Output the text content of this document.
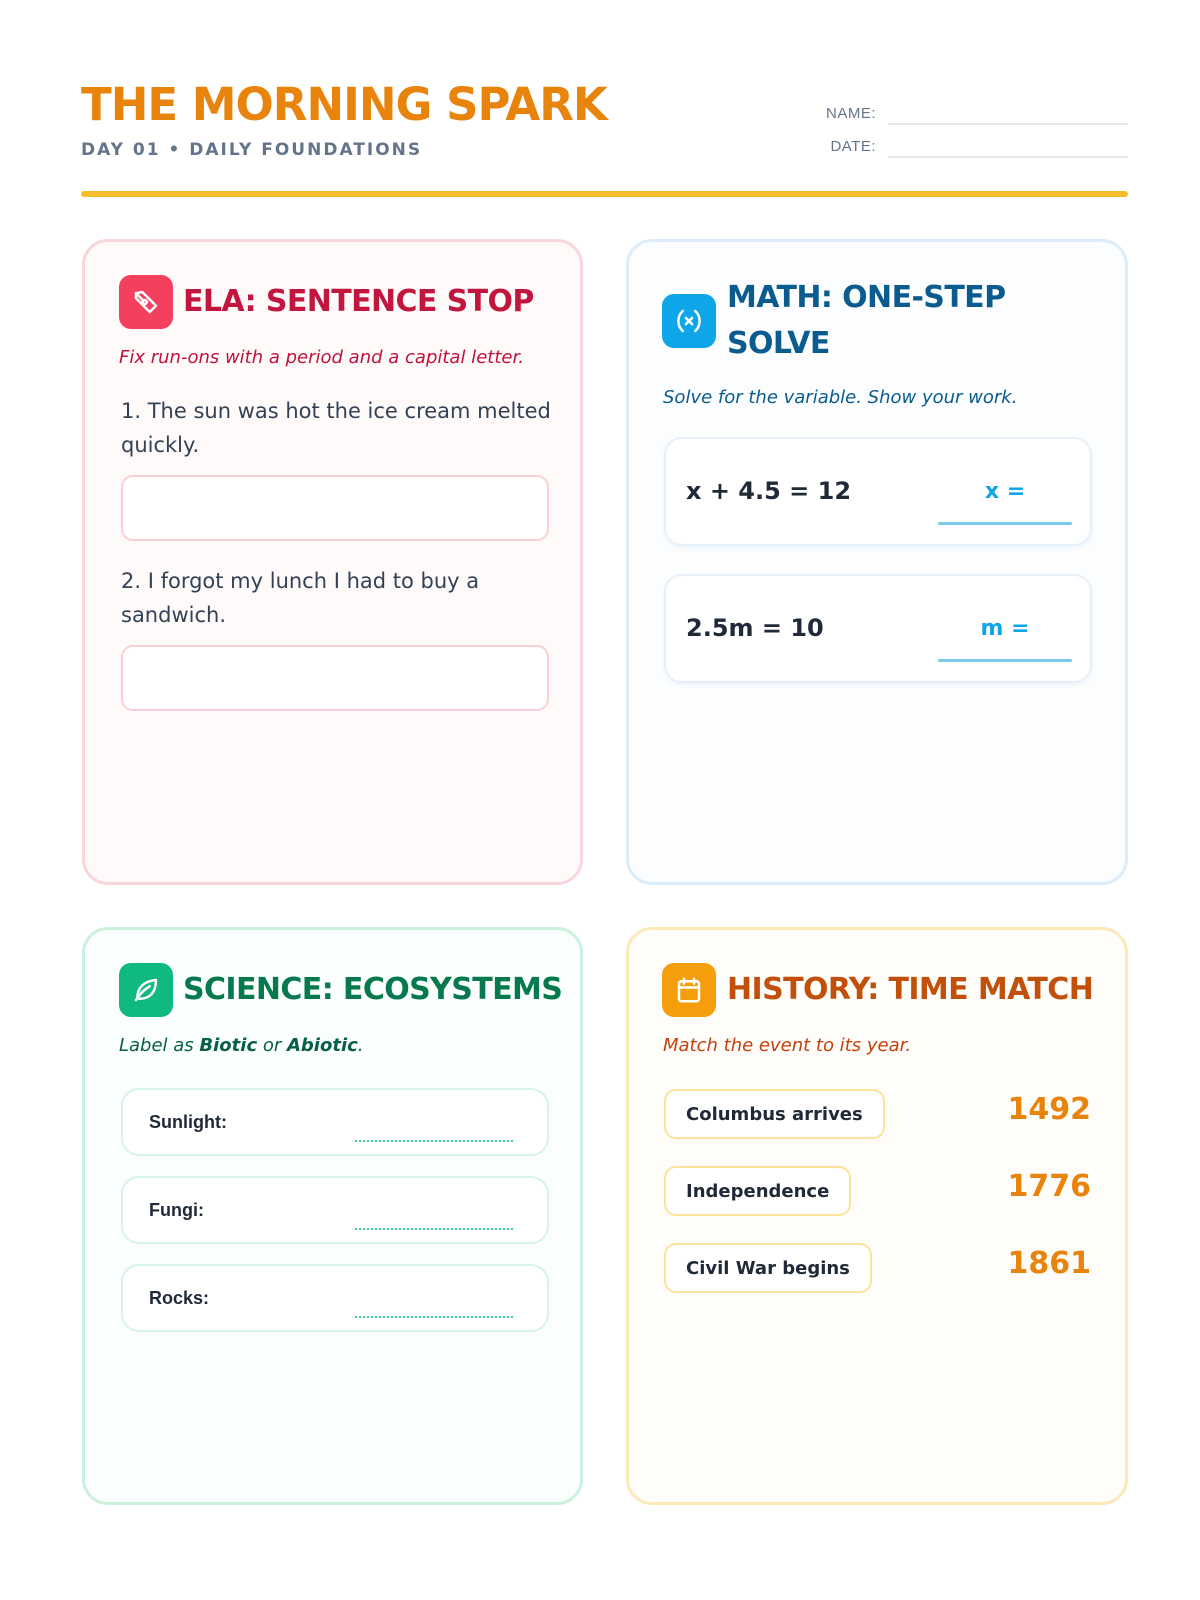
THE MORNING SPARK
DAY 01 • DAILY FOUNDATIONS
NAME:
DATE:
ELA: SENTENCE STOP
Fix run-ons with a period and a capital letter.
1. The sun was hot the ice cream melted
quickly.
2. I forgot my lunch I had to buy a
sandwich.
MATH: ONE-STEP
SOLVE
Solve for the variable. Show your work.
x + 4.5 = 12	x =
2.5m = 10	m =
SCIENCE: ECOSYSTEMS
Label as Biotic or Abiotic.
Sunlight:
Fungi:
Rocks:
HISTORY: TIME MATCH
Match the event to its year.
Columbus arrives	1492
Independence	1776
Civil War begins	1861
